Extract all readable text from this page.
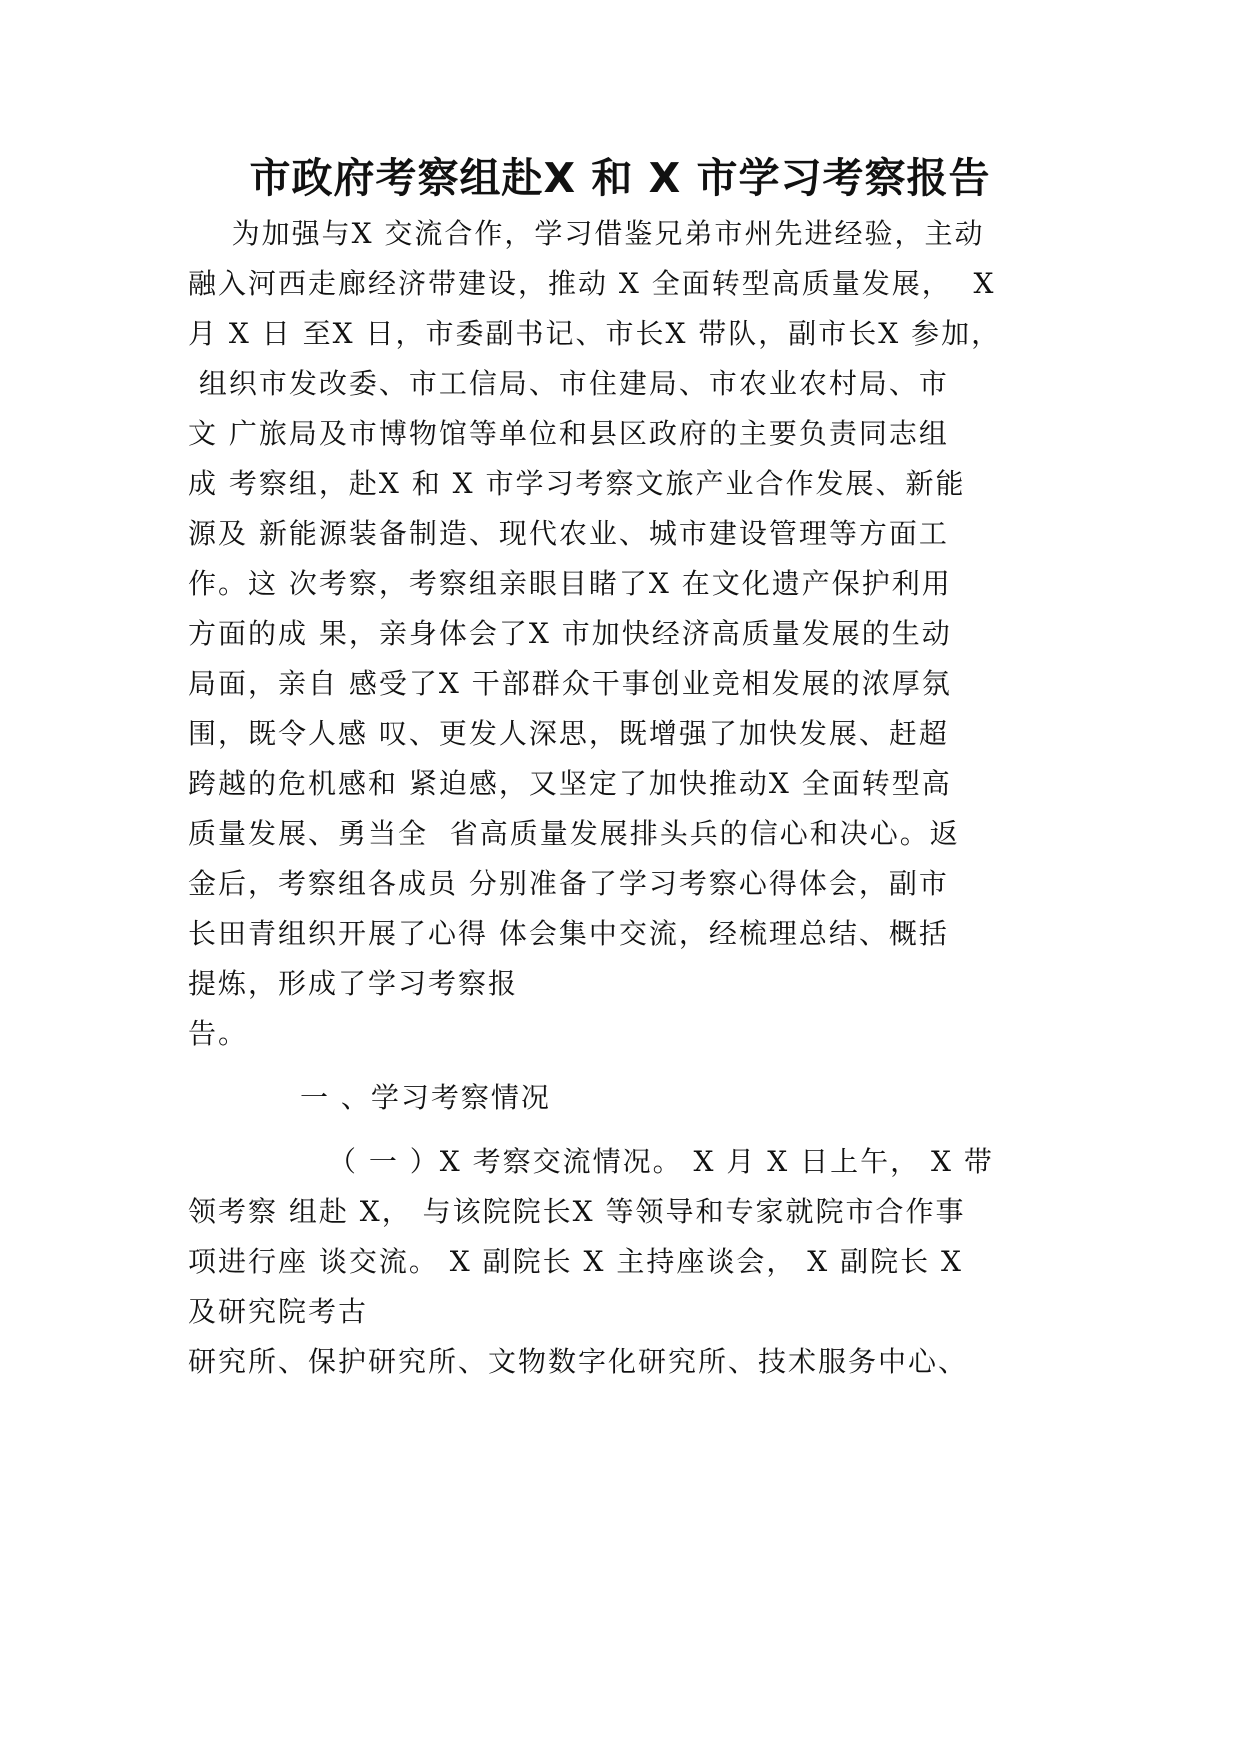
市政府考察组赴X 和 X 市学习考察报告
为加强与X 交流合作，学习借鉴兄弟市州先进经验，主动
融入河西走廊经济带建设，推动 X 全面转型高质量发展，  X
月 X 日 至X 日，市委副书记、市长X 带队，副市长X 参加，
组织市发改委、市工信局、市住建局、市农业农村局、市
文 广旅局及市博物馆等单位和县区政府的主要负责同志组
成 考察组，赴X 和 X 市学习考察文旅产业合作发展、新能
源及 新能源装备制造、现代农业、城市建设管理等方面工
作。这 次考察，考察组亲眼目睹了X 在文化遗产保护利用
方面的成 果，亲身体会了X 市加快经济高质量发展的生动
局面，亲自 感受了X 干部群众干事创业竞相发展的浓厚氛
围，既令人感 叹、更发人深思，既增强了加快发展、赶超
跨越的危机感和 紧迫感，又坚定了加快推动X 全面转型高
质量发展、勇当全  省高质量发展排头兵的信心和决心。返
金后，考察组各成员 分别准备了学习考察心得体会，副市
长田青组织开展了心得 体会集中交流，经梳理总结、概括
提炼，形成了学习考察报
告。
一 、学习考察情况
（ 一 ）X 考察交流情况。 X 月 X 日上午， X 带
领考察 组赴 X， 与该院院长X 等领导和专家就院市合作事
项进行座 谈交流。 X 副院长 X 主持座谈会， X 副院长 X
及研究院考古
研究所、保护研究所、文物数字化研究所、技术服务中心、
